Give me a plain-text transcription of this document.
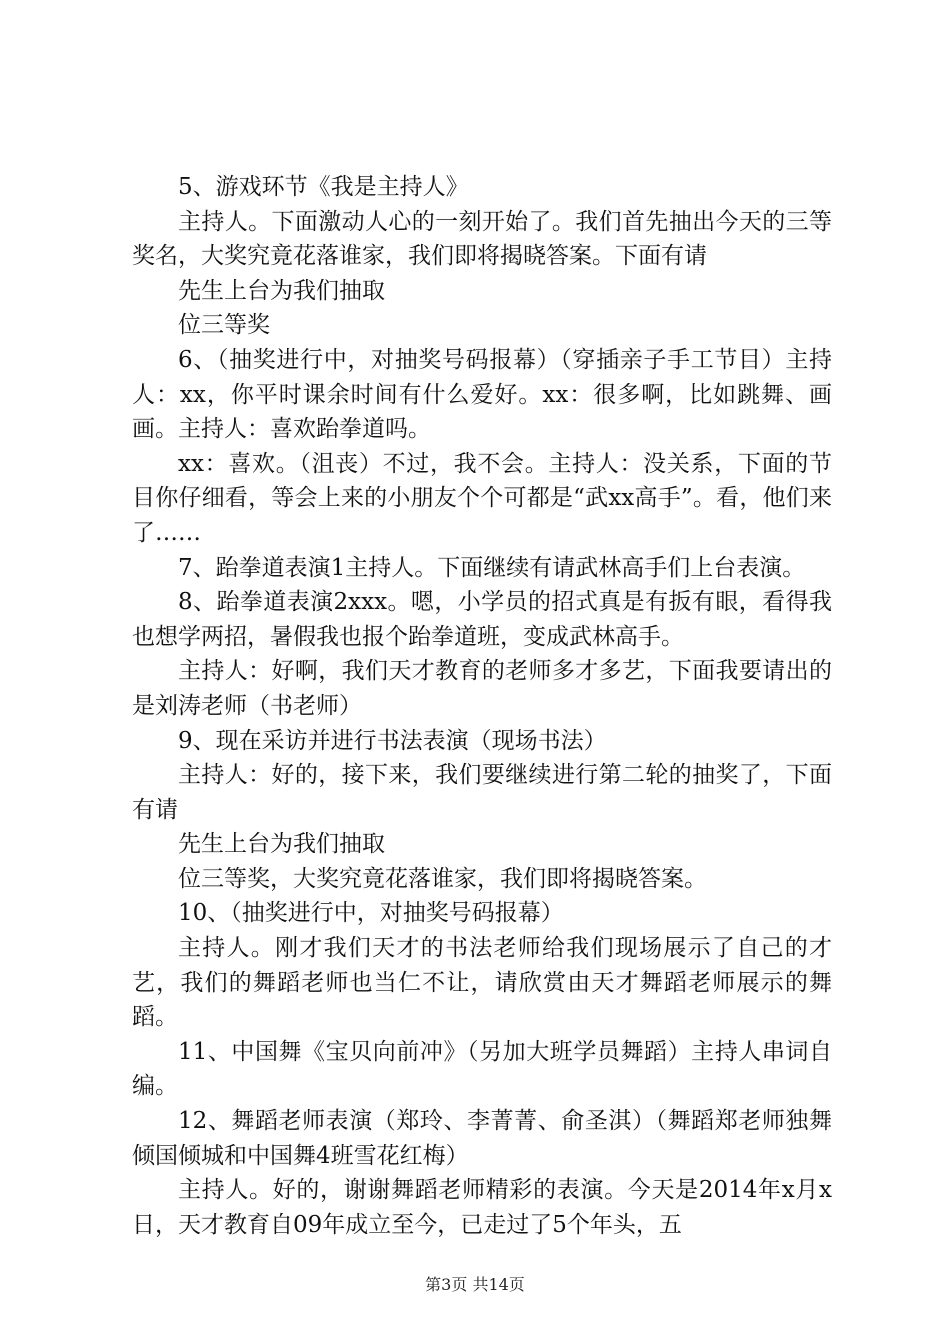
5、游戏环节《我是主持人》

主持人。下面激动人心的一刻开始了。我们首先抽出今天的三等奖名，大奖究竟花落谁家，我们即将揭晓答案。下面有请

先生上台为我们抽取

位三等奖

6、（抽奖进行中，对抽奖号码报幕）（穿插亲子手工节目）主持人：xx，你平时课余时间有什么爱好。xx：很多啊，比如跳舞、画画。主持人：喜欢跆拳道吗。

xx：喜欢。（沮丧）不过，我不会。主持人：没关系，下面的节目你仔细看，等会上来的小朋友个个可都是“武xx高手”。看，他们来了……

7、跆拳道表演1主持人。下面继续有请武林高手们上台表演。

8、跆拳道表演2xxx。嗯，小学员的招式真是有扳有眼，看得我也想学两招，暑假我也报个跆拳道班，变成武林高手。

主持人：好啊，我们天才教育的老师多才多艺，下面我要请出的是刘涛老师（书老师）

9、现在采访并进行书法表演（现场书法）

主持人：好的，接下来，我们要继续进行第二轮的抽奖了，下面有请

先生上台为我们抽取

位三等奖，大奖究竟花落谁家，我们即将揭晓答案。

10、（抽奖进行中，对抽奖号码报幕）

主持人。刚才我们天才的书法老师给我们现场展示了自己的才艺，我们的舞蹈老师也当仁不让，请欣赏由天才舞蹈老师展示的舞蹈。

11、中国舞《宝贝向前冲》（另加大班学员舞蹈）主持人串词自编。

12、舞蹈老师表演（郑玲、李菁菁、俞圣淇）（舞蹈郑老师独舞倾国倾城和中国舞4班雪花红梅）

主持人。好的，谢谢舞蹈老师精彩的表演。今天是2014年x月x日，天才教育自09年成立至今，已走过了5个年头，五

第3页 共14页
